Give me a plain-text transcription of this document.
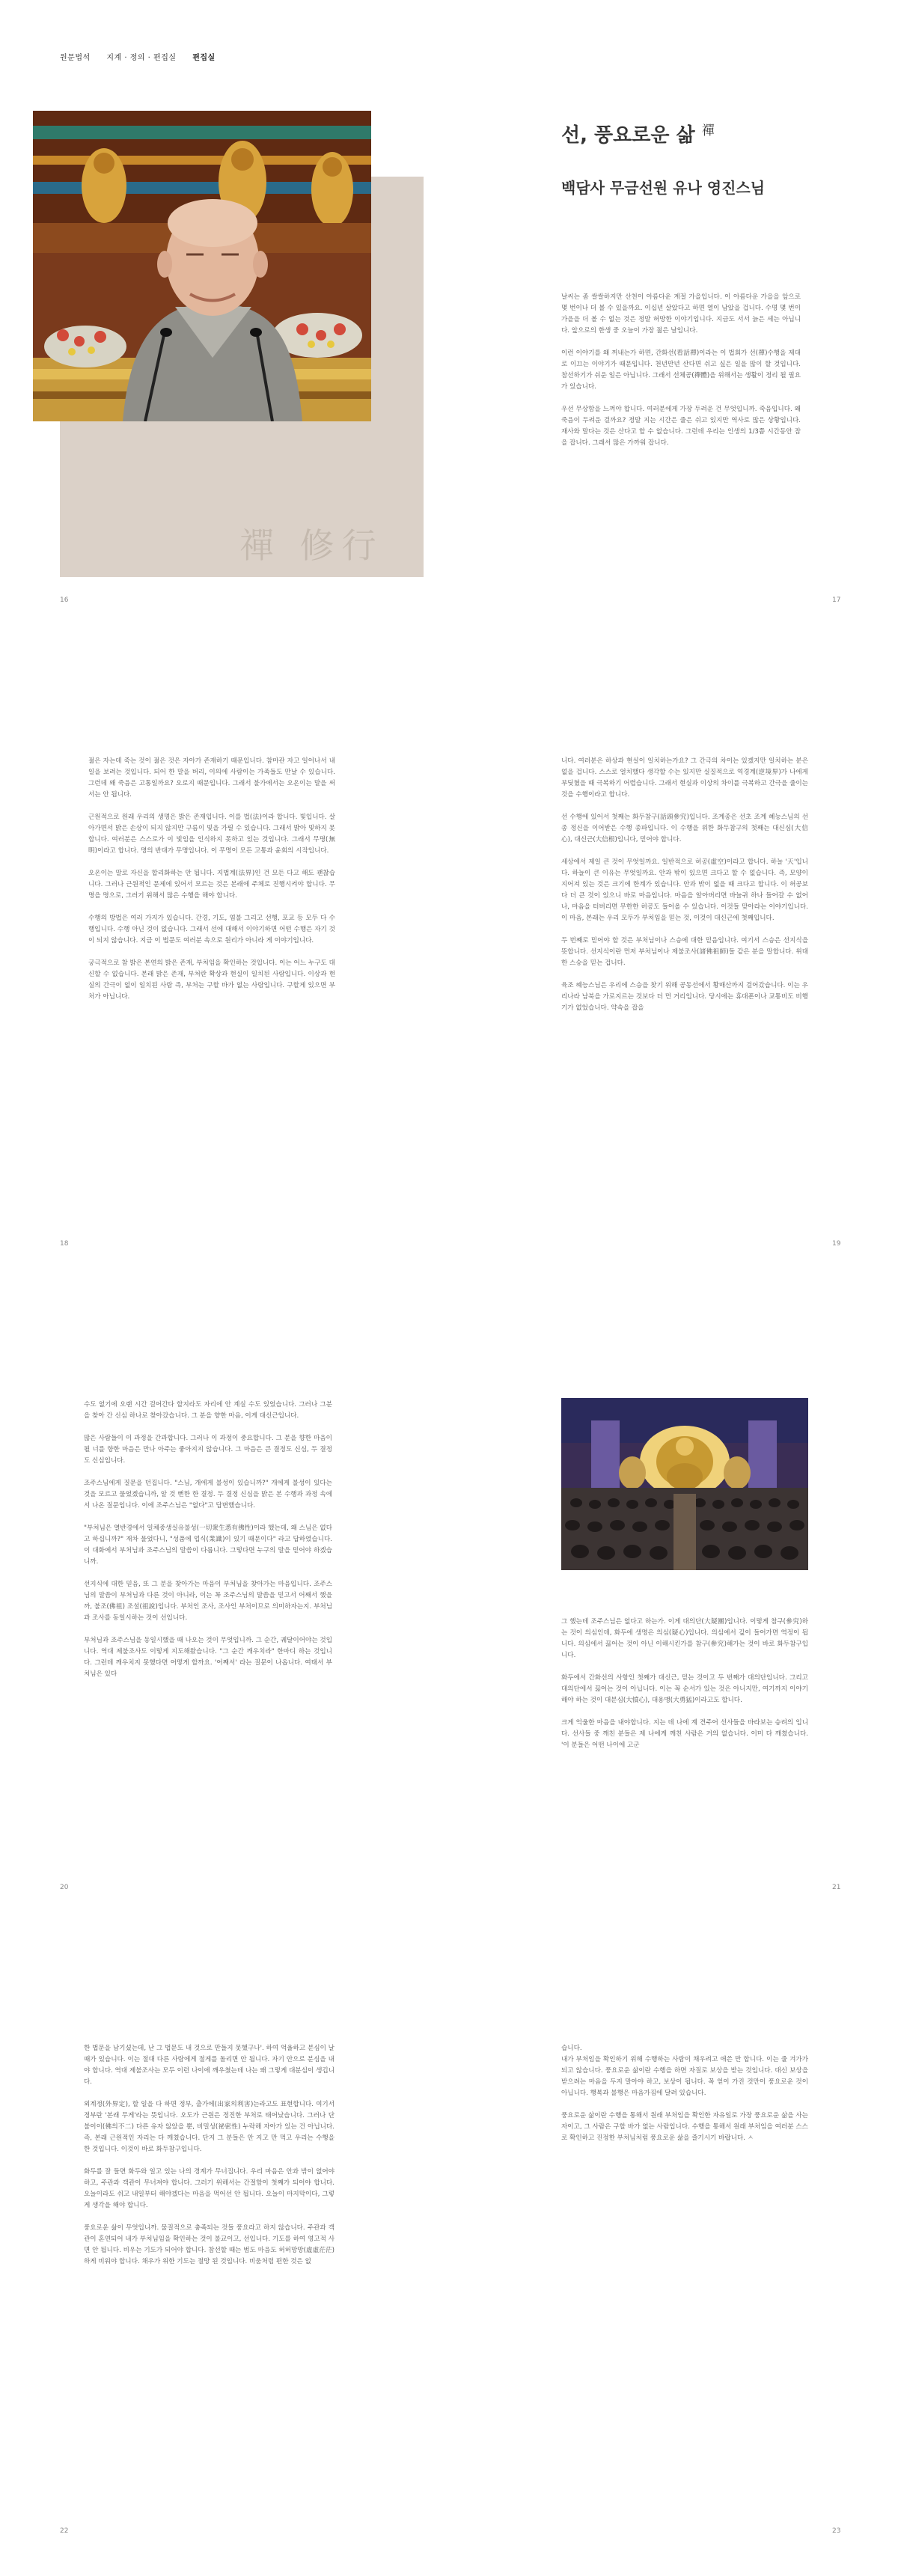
원문법석 지계 · 정의 · 편집실 편집실
禪 修行
선, 풍요로운 삶 $^禪$
백담사 무금선원 유나 영진스님

날씨는 좀 쌀쌀하지만 산천이 아름다운 계절 가을입니다. 이 아름다운 가을을 앞으로 몇 번이나 더 볼 수 있을까요. 이십년 살았다고 하면 열이 남았을 겁니다. 수명 몇 번이 가을을 더 볼 수 없는 것은 정말 허망한 이야기입니다. 지금도 서서 늙은 세는 아닙니다. 앞으로의 한생 중 오늘이 가장 젊은 날입니다.

이런 이야기를 왜 꺼내는가 하면, 간화선(看話禪)이라는 이 법회가 선(禪)수행을 제대로 이끄는 이야기가 때문입니다. 천년만년 산다면 쉬고 싶은 일을 많이 할 것입니다. 참선하기가 쉬운 일은 아닙니다. 그래서 선체공(禪體)을 위해서는 생활이 정리 될 필요가 있습니다.

우선 무상함을 느껴야 합니다. 여러분에게 가장 두려운 건 무엇입니까. 죽음입니다. 왜 죽음이 두려운 걸까요? 정말 지는 시간은 줄은 쉬고 있지만 역사로 많은 상황입니다. 재사와 말다는 것은 산다고 할 수 없습니다. 그런데 우리는 인생의 1/3쯤 시간동안 잠을 잡니다. 그래서 많은 가까워 잡니다.

16	17

젊은 자는데 죽는 것이 젊은 것은 자아가 존재하기 때문입니다. 참마관 자고 일어나서 내일을 보려는 것입니다. 되어 한 말을 버리, 이의에 사람이는 가족들도 만날 수 있습니다. 그런데 왜 죽음은 고통일까요? 오로지 때문입니다. 그래서 불가에서는 오온이는 말을 써서는 안 됩니다.

근원적으로 원래 우리의 생명은 밝은 존재입니다. 이를 법(法)이라 합니다. 빛입니다. 살아가면서 밝은 손상이 되지 않지만 구름이 빛을 가릴 수 있습니다. 그래서 밝아 빛하지 못합니다. 여러분은 스스로가 이 빛임을 인식하지 못하고 있는 것입니다. 그래서 무명(無明)이라고 합니다. 명의 반대가 무명입니다. 이 무명이 모든 고통과 윤회의 시작입니다.

오온이는 말로 자신을 합리화하는 안 됩니다. 지법계(法界)인 건 모든 다고 해도 괜찮습니다. 그러나 근원적인 문제에 있어서 모르는 것은 본래에 주체로 진행시켜야 합니다. 무명을 명으로, 그러기 위해서 많은 수행을 해야 합니다.

수행의 방법은 여러 가지가 있습니다. 간경, 기도, 염불 그리고 선행, 포교 등 모두 다 수행입니다. 수행 아닌 것이 없습니다. 그래서 선에 대해서 이야기하면 어떤 수행은 자기 것이 되지 않습니다. 지금 이 법문도 여러분 속으로 원리가 아니라 게 이야기입니다.

궁극적으로 참 밝은 본연의 밝은 존재, 부처임을 확인하는 것입니다. 이는 어느 누구도 대신할 수 없습니다. 본래 밝은 존재, 부처란 확상과 현실이 일치된 사람입니다. 이상과 현실의 간극이 없이 일치된 사람 즉, 부처는 구할 바가 없는 사람입니다. 구할게 있으면 부처가 아닙니다.

니다. 여러분은 하상과 현실이 일치하는가요? 그 간극의 차이는 있겠지만 일치하는 분은 없을 겁니다. 스스로 얼치했다 생각할 수는 있지만 실질적으로 역경계(逆境界)가 나에게 부딪혔을 때 극복하기 어렵습니다. 그래서 현실과 이상의 차이를 극복하고 간극을 줄이는 것을 수행이라고 합니다.

선 수행에 있어서 첫째는 화두참구(話頭參究)입니다. 조계종은 선초 조계 혜능스님의 선종 정신을 이어받은 수행 종파입니다. 이 수행을 위한 화두참구의 첫째는 대신심(大信心), 대신근(大信根)입니다, 믿어야 합니다.

세상에서 제일 큰 것이 무엇일까요. 일반적으로 허공(虛空)이라고 합니다. 하늘 '天'입니다. 하늘이 큰 이유는 무엇일까요. 안과 밖이 있으면 크다고 할 수 없습니다. 즉, 모양이 지어져 있는 것은 크기에 한계가 있습니다. 안과 밖이 없을 때 크다고 합니다. 이 허공보다 더 큰 것이 있으니 바로 마음입니다. 마음을 알아버리면 바늘귀 하나 들어갈 수 없어나, 마음을 터버리면 무한한 허공도 들어올 수 있습니다. 이것들 맞아라는 이야기입니다. 이 마음, 본래는 우리 모두가 부처임을 믿는 것, 이것이 대신근에 첫째입니다.

두 번째로 믿어야 할 것은 부처님이나 스승에 대한 믿음입니다. 여기서 스승은 선지식을 뜻합니다. 선지식이란 먼저 부처님이나 제불조사(諸佛祖師)들 같은 분을 말합니다. 위대한 스승을 믿는 겁니다.

육조 혜능스님은 우리에 스승을 찾기 위해 공동선에서 황매산까지 걸어갔습니다. 이는 우리나라 남북을 가로지르는 것보다 더 먼 거리입니다. 당시에는 휴대폰이나 교통비도 비행기가 없었습니다. 약속을 잡을

18	19

수도 없기에 오랜 시간 걸어간다 할지라도 자리에 안 계실 수도 있었습니다. 그러나 그분을 찾아 간 신심 하나로 찾아갔습니다. 그 분을 향한 마음, 이게 대신근입니다.

많은 사람들이 이 과정을 간과합니다. 그러나 이 과정이 중요합니다. 그 분을 향한 마음이 될 너를 향한 마음은 만나 아주는 좋아지지 않습니다. 그 마음은 큰 결정도 신심, 두 결정도 신심입니다.

조주스님에게 질문을 던집니다. "스님, 개에게 불성이 있습니까?" 개에게 불성이 있다는 것을 모르고 물었겠습니까, 알 것 뻔한 한 결정. 두 결정 신심을 밝은 본 수행과 과정 속에서 나온 질문입니다. 이에 조주스님은 "없다"고 답변했습니다.

"부처님은 열반경에서 일체중생실유불성(一切衆生悉有佛性)이라 했는데, 왜 스님은 없다고 하십니까?" 재차 물었다니, "성품에 업식(業識)이 있기 때문이다" 라고 답하였습니다. 이 대화에서 부처님과 조주스님의 말씀이 다릅니다. 그렇다면 누구의 말을 믿어야 하겠습니까.

선지식에 대한 믿음, 또 그 분을 찾아가는 마음이 부처님을 찾아가는 마음입니다. 조주스님의 말씀이 부처님과 다른 것이 아니라, 이는 꼭 조주스님의 말씀을 믿고서 어째서 했을까, 불조(佛祖) 조설(祖說)입니다. 부처인 조사, 조사인 부처이므로 의미하자는지. 부처님과 조사를 동일시하는 것이 선입니다.

부처님과 조주스님을 동일시했을 때 나오는 것이 무엇입니까. 그 순간, 궤달이어야는 것입니다. 역대 제불조사도 이렇게 지도해왔습니다. "그 순간 깨우치라" 한마디 하는 것입니다. 그런데 깨우치지 못했다면 어떻게 할까요. '어째서' 라는 질문이 나옵니다. 여태서 부처님은 있다

그 했는데 조주스님은 없다고 하는가. 이게 대의단(大疑團)입니다. 이렇게 참구(參究)하는 것이 의심인데, 화두에 생명은 의심(疑心)입니다. 의심에서 깊이 들어가면 역정이 됩니다. 의심에서 끓어는 것이 아닌 이해시킨가를 참구(參究)해가는 것이 바로 화두참구입니다.

화두에서 간화선의 사항인 첫째가 대신근, 믿는 것이고 두 번째가 대의단입니다. 그리고 대의단에서 끓어는 것이 아닙니다. 이는 꼭 순서가 있는 것은 아니지만, 여기까지 이야기 해야 하는 것이 대분심(大憤心), 대용맹(大勇猛)이라고도 합니다.

크게 억울한 마음을 내야합니다. 지는 데 나에 계 견주어 선사들을 바라보는 승려의 입니다. 선사들 중 깨친 분들은 제 나에게 깨친 사람은 거의 없습니다. 이미 다 깨쳤습니다. '이 분들은 어떤 나이에 고군

20	21

한 법문을 남기셨는데, 난 그 법문도 내 것으로 만들지 못했구나'. 하여 억울하고 분심이 날 때가 있습니다. 이는 절대 다른 사람에게 절게를 돌리면 안 됩니다. 자기 안으로 분심을 내야 합니다. 역대 제불조사는 모두 이런 나이에 깨우쳤는데 나는 왜 그렇게 대분심이 생깁니다.

외계정(外界定), 할 일을 다 하면 정부, 출가에(出家의利害)는라고도 표현합니다. 여기서 정부란 '본래 무게'라는 뜻입니다. 오도가 근원은 정진한 부처로 태어났습니다. 그러나 단불이이(佛의不二) 다른 유자 않았을 뿐, 비밀성(祕密性) 누락해 자아가 있는 건 아닙니다. 즉, 본래 근원적인 자리는 다 깨쳤습니다. 단지 그 분들은 안 지고 만 먹고 우리는 수행을 한 것입니다. 이것이 바로 화두참구입니다.

화두를 잘 들면 화두와 일고 있는 나의 경계가 무너집니다. 우리 마음은 안과 밖이 없어야 하고, 주관과 객관이 무너져야 합니다. 그러기 위해서는 간절함이 첫째가 되어야 합니다. 오늘이라도 쉬고 내일부터 해야겠다는 마음을 먹어선 안 됩니다. 오늘이 마지막이다, 그렇게 생각을 해야 합니다.

풍요로운 삶이 무엇입니까. 물질적으로 충족되는 것들 풍요라고 하지 않습니다. 주관과 객관이 혼연되어 내가 부처님임을 확인하는 것이 불교이고, 선입니다. 기도를 하여 영고적 사면 안 됩니다. 비우는 기도가 되어야 합니다. 참선할 때는 범도 마음도 허허망망(虛虛茫茫)하게 비워야 합니다. 채우가 위한 기도는 절망 된 것입니다. 비움처럼 편한 것은 없

습니다.

내가 부처임을 확인하기 위해 수행하는 사람이 채우려고 애쓴 만 합니다. 이는 줄 겨가가 되고 않습니다. 풍요로운 삶이란 수행을 하면 자질로 보상을 받는 것입니다. 대신 보상을 받으려는 마음을 두지 말아야 하고, 보상이 됩니다. 꼭 얻이 가진 것만이 풍요로운 것이 아닙니다. 행복과 불행은 마음가짐에 달려 있습니다.

풍요로운 삶이란 수행을 통해서 원래 부처임을 확인한 자유일로 가장 풍요로운 삶을 사는 자이고, 그 사람은 구할 바가 없는 사람입니다. 수행을 통해서 원래 부처임을 여러분 스스로 확인하고 진정한 부처님처럼 풍요로운 삶을 즐기시기 바랍니다. ㅅ

22	23
